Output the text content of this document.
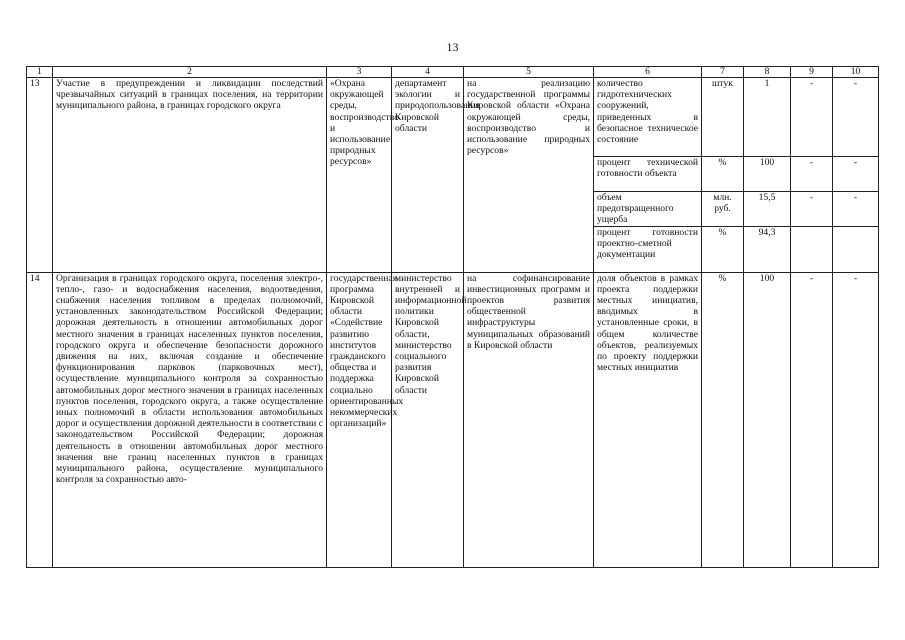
13
1	2	3	4	5	6	7	8	9	10
13	Участие в предупреждении и ликвидации последствий чрезвычайных ситуаций в границах поселения, на территории муниципального района, в границах городского округа	«Охрана окружающей среды, воспроизводство и использование природных ресурсов»	департамент экологии и природопользования Кировской области	на реализацию государственной программы Кировской области «Охрана окружающей среды, воспроизводство и использование природных ресурсов»	количество гидротехнических сооружений, приведенных в безопасное техническое состояние	штук	1	-	-
					процент технической готовности объекта	%	100	-	-
					объем предотвращенного ущерба	млн. руб.	15,5	-	-
					процент готовности проектно-сметной документации	%	94,3		
14	Организация в границах городского округа, поселения электро-, тепло-, газо- и водоснабжения населения, водоотведения, снабжения населения топливом в пределах полномочий, установленных законодательством Российской Федерации; дорожная деятельность в отношении автомобильных дорог местного значения в границах населенных пунктов поселения, городского округа и обеспечение безопасности дорожного движения на них, включая создание и обеспечение функционирования парковок (парковочных мест), осуществление муниципального контроля за сохранностью автомобильных дорог местного значения в границах населенных пунктов поселения, городского округа, а также осуществление иных полномочий в области использования автомобильных дорог и осуществления дорожной деятельности в соответствии с законодательством Российской Федерации; дорожная деятельность в отношении автомобильных дорог местного значения вне границ населенных пунктов в границах муниципального района, осуществление муниципального контроля за сохранностью авто-	государственная программа Кировской области «Содействие развитию институтов гражданского общества и поддержка социально ориентированных некоммерческих организаций»	министерство внутренней и информационной политики Кировской области, министерство социального развития Кировской области	на софинансирование инвестиционных программ и проектов развития общественной инфраструктуры муниципальных образований в Кировской области	доля объектов в рамках проекта поддержки местных инициатив, вводимых в установленные сроки, в общем количестве объектов, реализуемых по проекту поддержки местных инициатив	%	100	-	-
